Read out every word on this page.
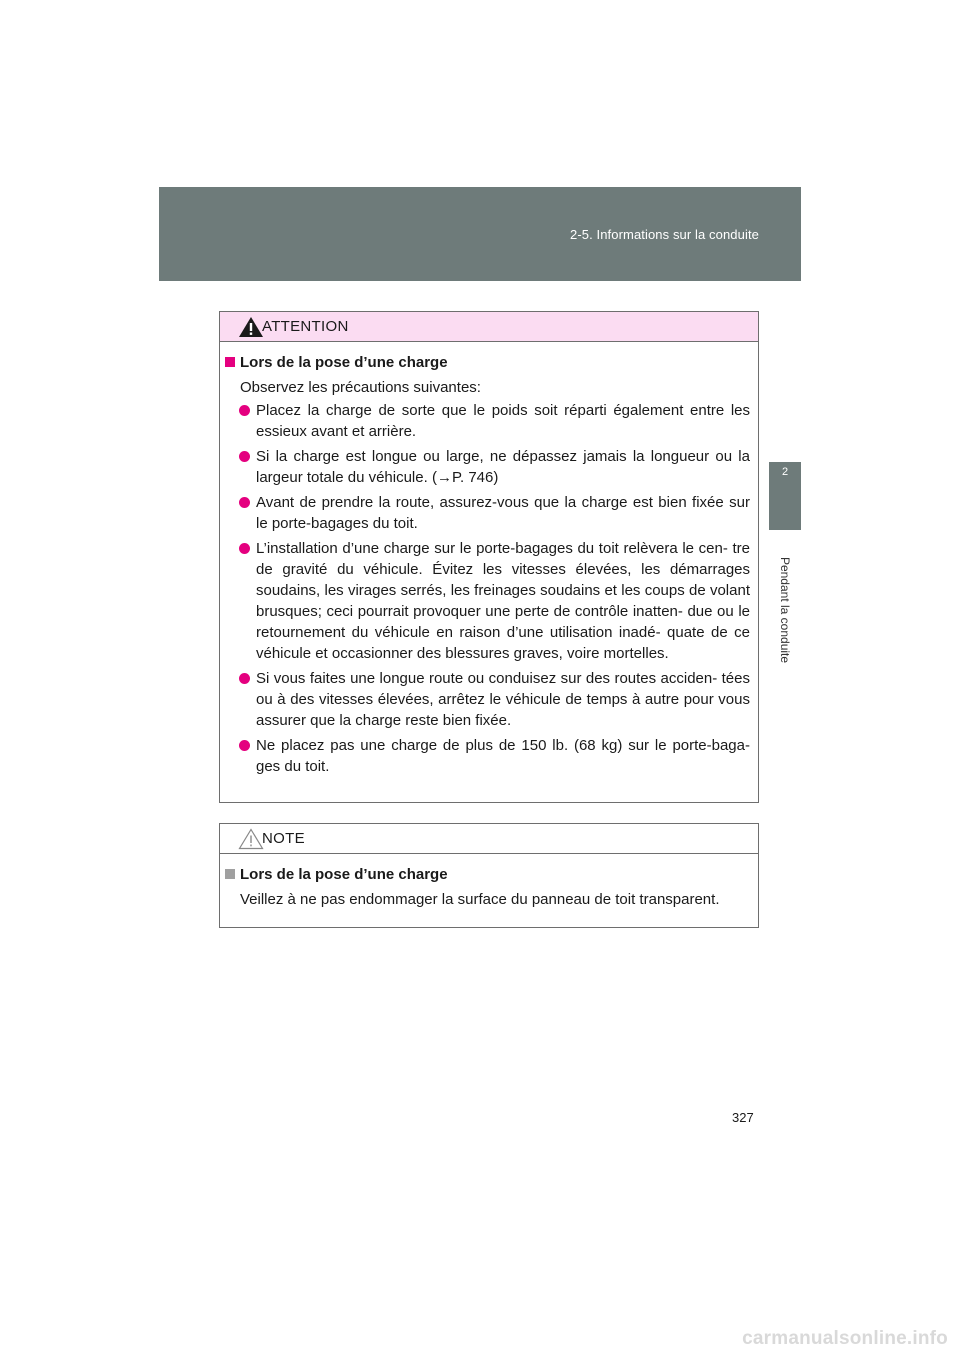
2-5. Informations sur la conduite
2
Pendant la conduite
ATTENTION

Lors de la pose d’une charge

Observez les précautions suivantes:

Placez la charge de sorte que le poids soit réparti également entre les essieux avant et arrière.
Si la charge est longue ou large, ne dépassez jamais la longueur ou la largeur totale du véhicule. (→P. 746)
Avant de prendre la route, assurez-vous que la charge est bien fixée sur le porte-bagages du toit.
L’installation d’une charge sur le porte-bagages du toit relèvera le cen- tre de gravité du véhicule. Évitez les vitesses élevées, les démarrages soudains, les virages serrés, les freinages soudains et les coups de volant brusques; ceci pourrait provoquer une perte de contrôle inatten- due ou le retournement du véhicule en raison d’une utilisation inadé- quate de ce véhicule et occasionner des blessures graves, voire mortelles.
Si vous faites une longue route ou conduisez sur des routes acciden- tées ou à des vitesses élevées, arrêtez le véhicule de temps à autre pour vous assurer que la charge reste bien fixée.
Ne placez pas une charge de plus de 150 lb. (68 kg) sur le porte-baga- ges du toit.
NOTE

Lors de la pose d’une charge

Veillez à ne pas endommager la surface du panneau de toit transparent.

327
carmanualsonline.info
